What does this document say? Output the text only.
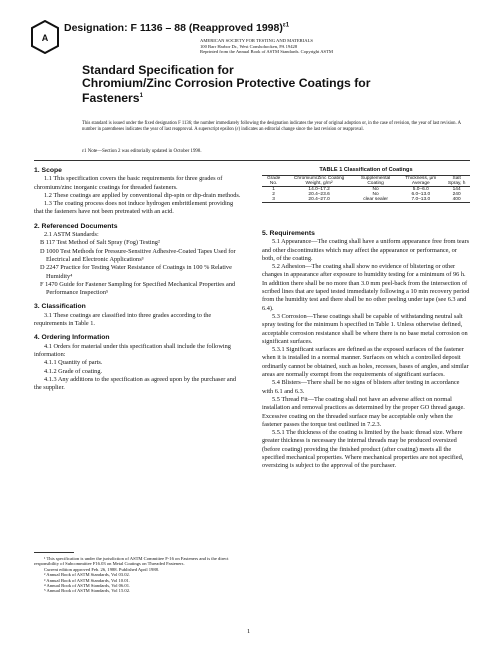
A
Designation: F 1136 – 88 (Reapproved 1998)$^{\varepsilon 1}$
AMERICAN SOCIETY FOR TESTING AND MATERIALS
100 Barr Harbor Dr., West Conshohocken, PA 19428
Reprinted from the Annual Book of ASTM Standards. Copyright ASTM
Standard Specification for
Chromium/Zinc Corrosion Protective Coatings for
Fasteners$^1$
This standard is issued under the fixed designation F 1136; the number immediately following the designation indicates the year of original adoption or, in the case of revision, the year of last revision. A number in parentheses indicates the year of last reapproval. A superscript epsilon (ε) indicates an editorial change since the last revision or reapproval.
ε1 Note—Section 2 was editorially updated in October 1998.

1. Scope

1.1 This specification covers the basic requirements for three grades of chromium/zinc inorganic coatings for threaded fasteners.

1.2 These coatings are applied by conventional dip-spin or dip-drain methods.

1.3 The coating process does not induce hydrogen embrittlement providing that the fasteners have not been pretreated with an acid.

2. Referenced Documents

2.1 ASTM Standards:

B 117 Test Method of Salt Spray (Fog) Testing²

D 1000 Test Methods for Pressure-Sensitive Adhesive-Coated Tapes Used for Electrical and Electronic Applications³

D 2247 Practice for Testing Water Resistance of Coatings in 100 % Relative Humidity⁴

F 1470 Guide for Fastener Sampling for Specified Mechanical Properties and Performance Inspection⁵

3. Classification

3.1 These coatings are classified into three grades according to the requirements in Table 1.

4. Ordering Information

4.1 Orders for material under this specification shall include the following information:

4.1.1 Quantity of parts.

4.1.2 Grade of coating.

4.1.3 Any additions to the specification as agreed upon by the purchaser and the supplier.

¹ This specification is under the jurisdiction of ASTM Committee F-16 on Fasteners and is the direct responsibility of Subcommittee F16.03 on Metal Coatings on Threaded Fasteners.

Current edition approved Feb. 26, 1988. Published April 1988.

² Annual Book of ASTM Standards, Vol 03.02.

³ Annual Book of ASTM Standards, Vol 10.01.

⁴ Annual Book of ASTM Standards, Vol 06.01.

⁵ Annual Book of ASTM Standards, Vol 15.02.

TABLE 1 Classification of Coatings
Grade No.	Chromium/Zinc Coating Weight, g/m²	Supplemental Coating	Thickness, μm Average	Salt Spray, h
1	14.0–17.2	No	5.0–6.0	144
2	20.4–23.6	No	6.0–13.0	240
3	20.4–27.0	clear sealer	7.0–13.0	400

5. Requirements

5.1 Appearance—The coating shall have a uniform appearance free from tears and other discontinuities which may affect the appearance or performance, or both, of the coating.

5.2 Adhesion—The coating shall show no evidence of blistering or other changes in appearance after exposure to humidity testing for a minimum of 96 h. In addition there shall be no more than 3.0 mm peel-back from the intersection of scribed lines that are taped tested immediately following a 10 min recovery period from the humidity test and there shall be no other peeling under tape (see 6.3 and 6.4).

5.3 Corrosion—These coatings shall be capable of withstanding neutral salt spray testing for the minimum h specified in Table 1. Unless otherwise defined, acceptable corrosion resistance shall be where there is no base metal corrosion on significant surfaces.

5.3.1 Significant surfaces are defined as the exposed surfaces of the fastener when it is installed in a normal manner. Surfaces on which a controlled deposit ordinarily cannot be obtained, such as holes, recesses, bases of angles, and similar areas are normally exempt from the requirements of significant surfaces.

5.4 Blisters—There shall be no signs of blisters after testing in accordance with 6.1 and 6.3.

5.5 Thread Fit—The coating shall not have an adverse affect on normal installation and removal practices as determined by the proper GO thread gauge. Excessive coating on the threaded surface may be acceptable only when the fastener passes the torque test outlined in 7.2.3.

5.5.1 The thickness of the coating is limited by the basic thread size. Where greater thickness is necessary the internal threads may be produced oversized (before coating) providing the finished product (after coating) meets all the specified mechanical properties. Where mechanical properties are not specified, oversizing is subject to the approval of the purchaser.

1
